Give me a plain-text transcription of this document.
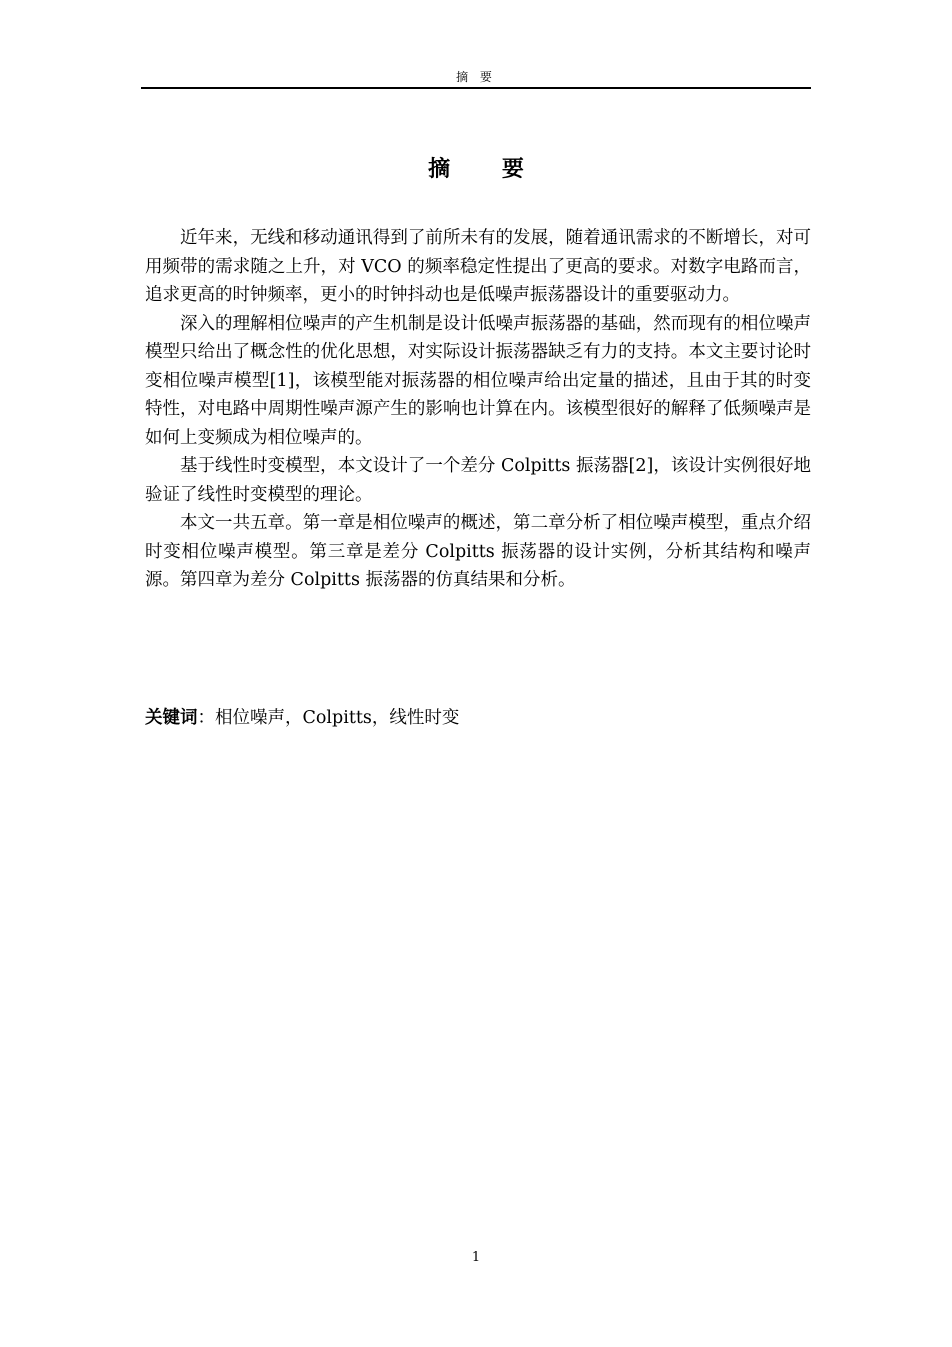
摘 要
摘 要

近年来，无线和移动通讯得到了前所未有的发展，随着通讯需求的不断增长，对可用频带的需求随之上升，对 VCO 的频率稳定性提出了更高的要求。对数字电路而言，追求更高的时钟频率，更小的时钟抖动也是低噪声振荡器设计的重要驱动力。

深入的理解相位噪声的产生机制是设计低噪声振荡器的基础，然而现有的相位噪声模型只给出了概念性的优化思想，对实际设计振荡器缺乏有力的支持。本文主要讨论时变相位噪声模型[1]，该模型能对振荡器的相位噪声给出定量的描述，且由于其的时变特性，对电路中周期性噪声源产生的影响也计算在内。该模型很好的解释了低频噪声是如何上变频成为相位噪声的。

基于线性时变模型，本文设计了一个差分 Colpitts 振荡器[2]，该设计实例很好地验证了线性时变模型的理论。

本文一共五章。第一章是相位噪声的概述，第二章分析了相位噪声模型，重点介绍时变相位噪声模型。第三章是差分 Colpitts 振荡器的设计实例，分析其结构和噪声源。第四章为差分 Colpitts 振荡器的仿真结果和分析。

关键词：相位噪声，Colpitts，线性时变
1
